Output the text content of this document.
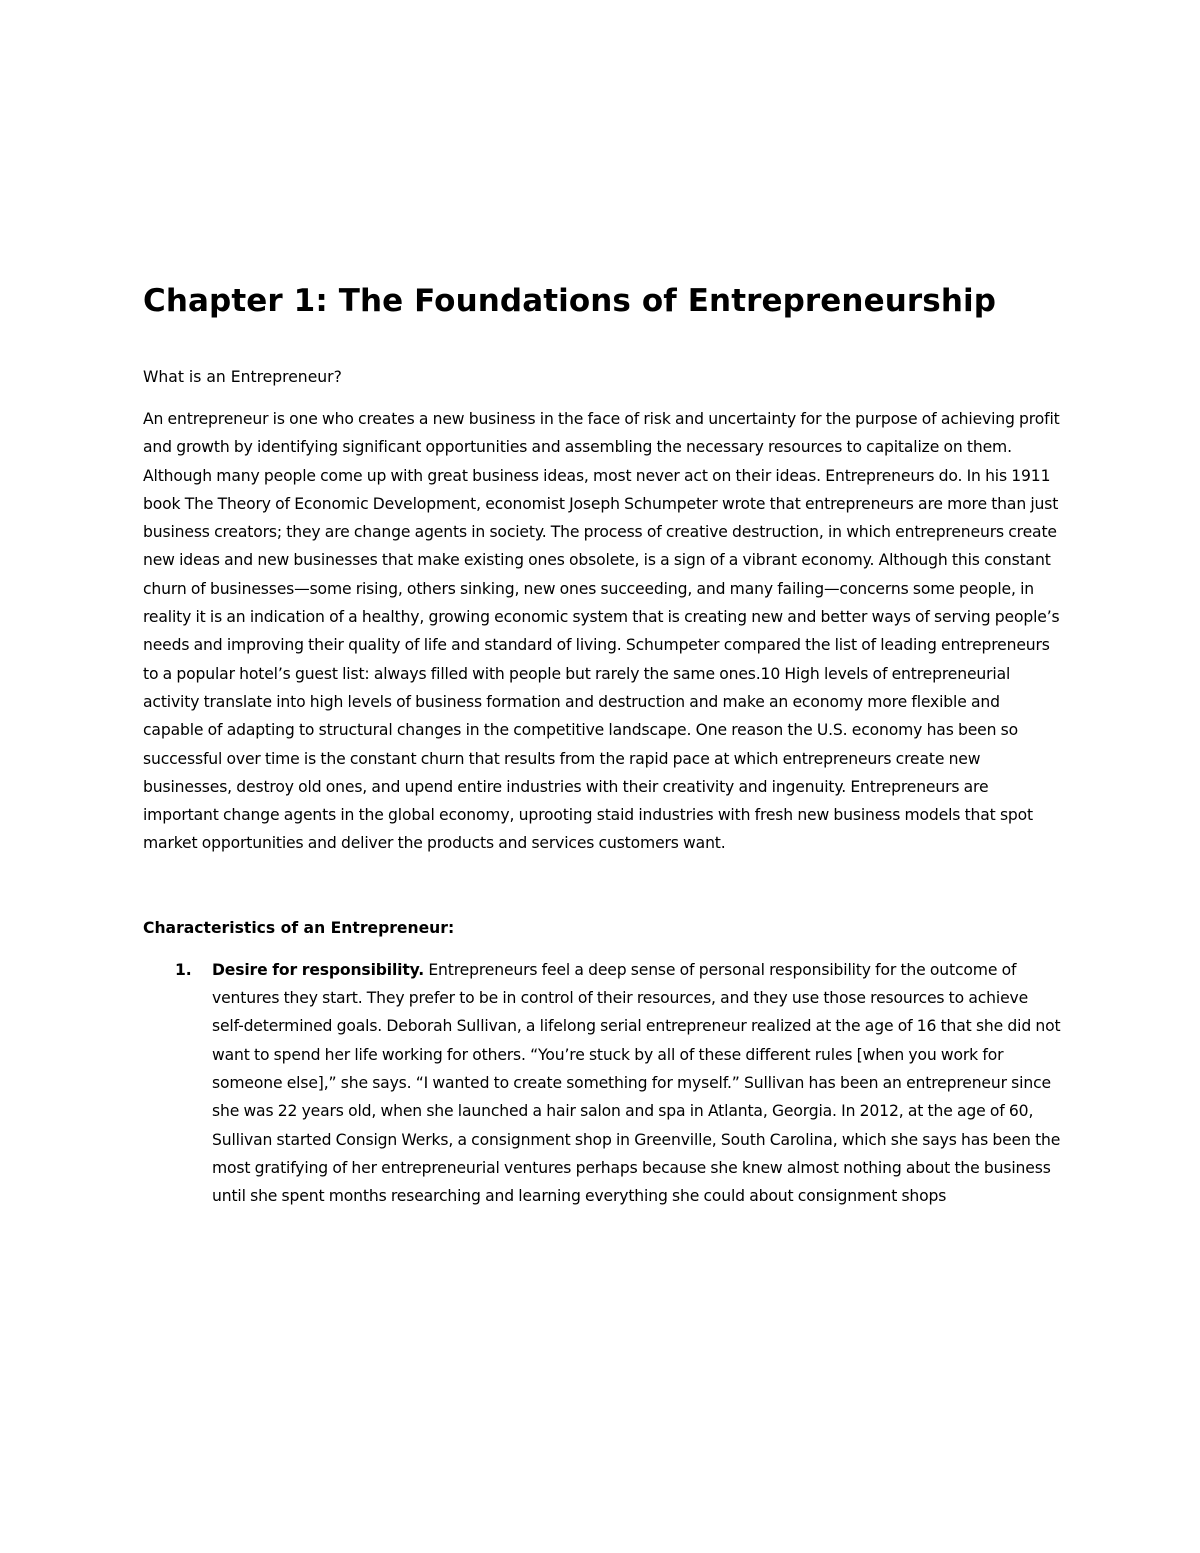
Chapter 1: The Foundations of Entrepreneurship

What is an Entrepreneur?

An entrepreneur is one who creates a new business in the face of risk and uncertainty for the purpose of achieving profit and growth by identifying significant opportunities and assembling the necessary resources to capitalize on them. Although many people come up with great business ideas, most never act on their ideas. Entrepreneurs do. In his 1911 book The Theory of Economic Development, economist Joseph Schumpeter wrote that entrepreneurs are more than just business creators; they are change agents in society. The process of creative destruction, in which entrepreneurs create new ideas and new businesses that make existing ones obsolete, is a sign of a vibrant economy. Although this constant churn of businesses—some rising, others sinking, new ones succeeding, and many failing—concerns some people, in reality it is an indication of a healthy, growing economic system that is creating new and better ways of serving people’s needs and improving their quality of life and standard of living. Schumpeter compared the list of leading entrepreneurs to a popular hotel’s guest list: always filled with people but rarely the same ones.10 High levels of entrepreneurial activity translate into high levels of business formation and destruction and make an economy more flexible and capable of adapting to structural changes in the competitive landscape. One reason the U.S. economy has been so successful over time is the constant churn that results from the rapid pace at which entrepreneurs create new businesses, destroy old ones, and upend entire industries with their creativity and ingenuity. Entrepreneurs are important change agents in the global economy, uprooting staid industries with fresh new business models that spot market opportunities and deliver the products and services customers want.

Characteristics of an Entrepreneur:

1. Desire for responsibility. Entrepreneurs feel a deep sense of personal responsibility for the outcome of ventures they start. They prefer to be in control of their resources, and they use those resources to achieve self-determined goals. Deborah Sullivan, a lifelong serial entrepreneur realized at the age of 16 that she did not want to spend her life working for others. “You’re stuck by all of these different rules [when you work for someone else],” she says. “I wanted to create something for myself.” Sullivan has been an entrepreneur since she was 22 years old, when she launched a hair salon and spa in Atlanta, Georgia. In 2012, at the age of 60, Sullivan started Consign Werks, a consignment shop in Greenville, South Carolina, which she says has been the most gratifying of her entrepreneurial ventures perhaps because she knew almost nothing about the business until she spent months researching and learning everything she could about consignment shops
